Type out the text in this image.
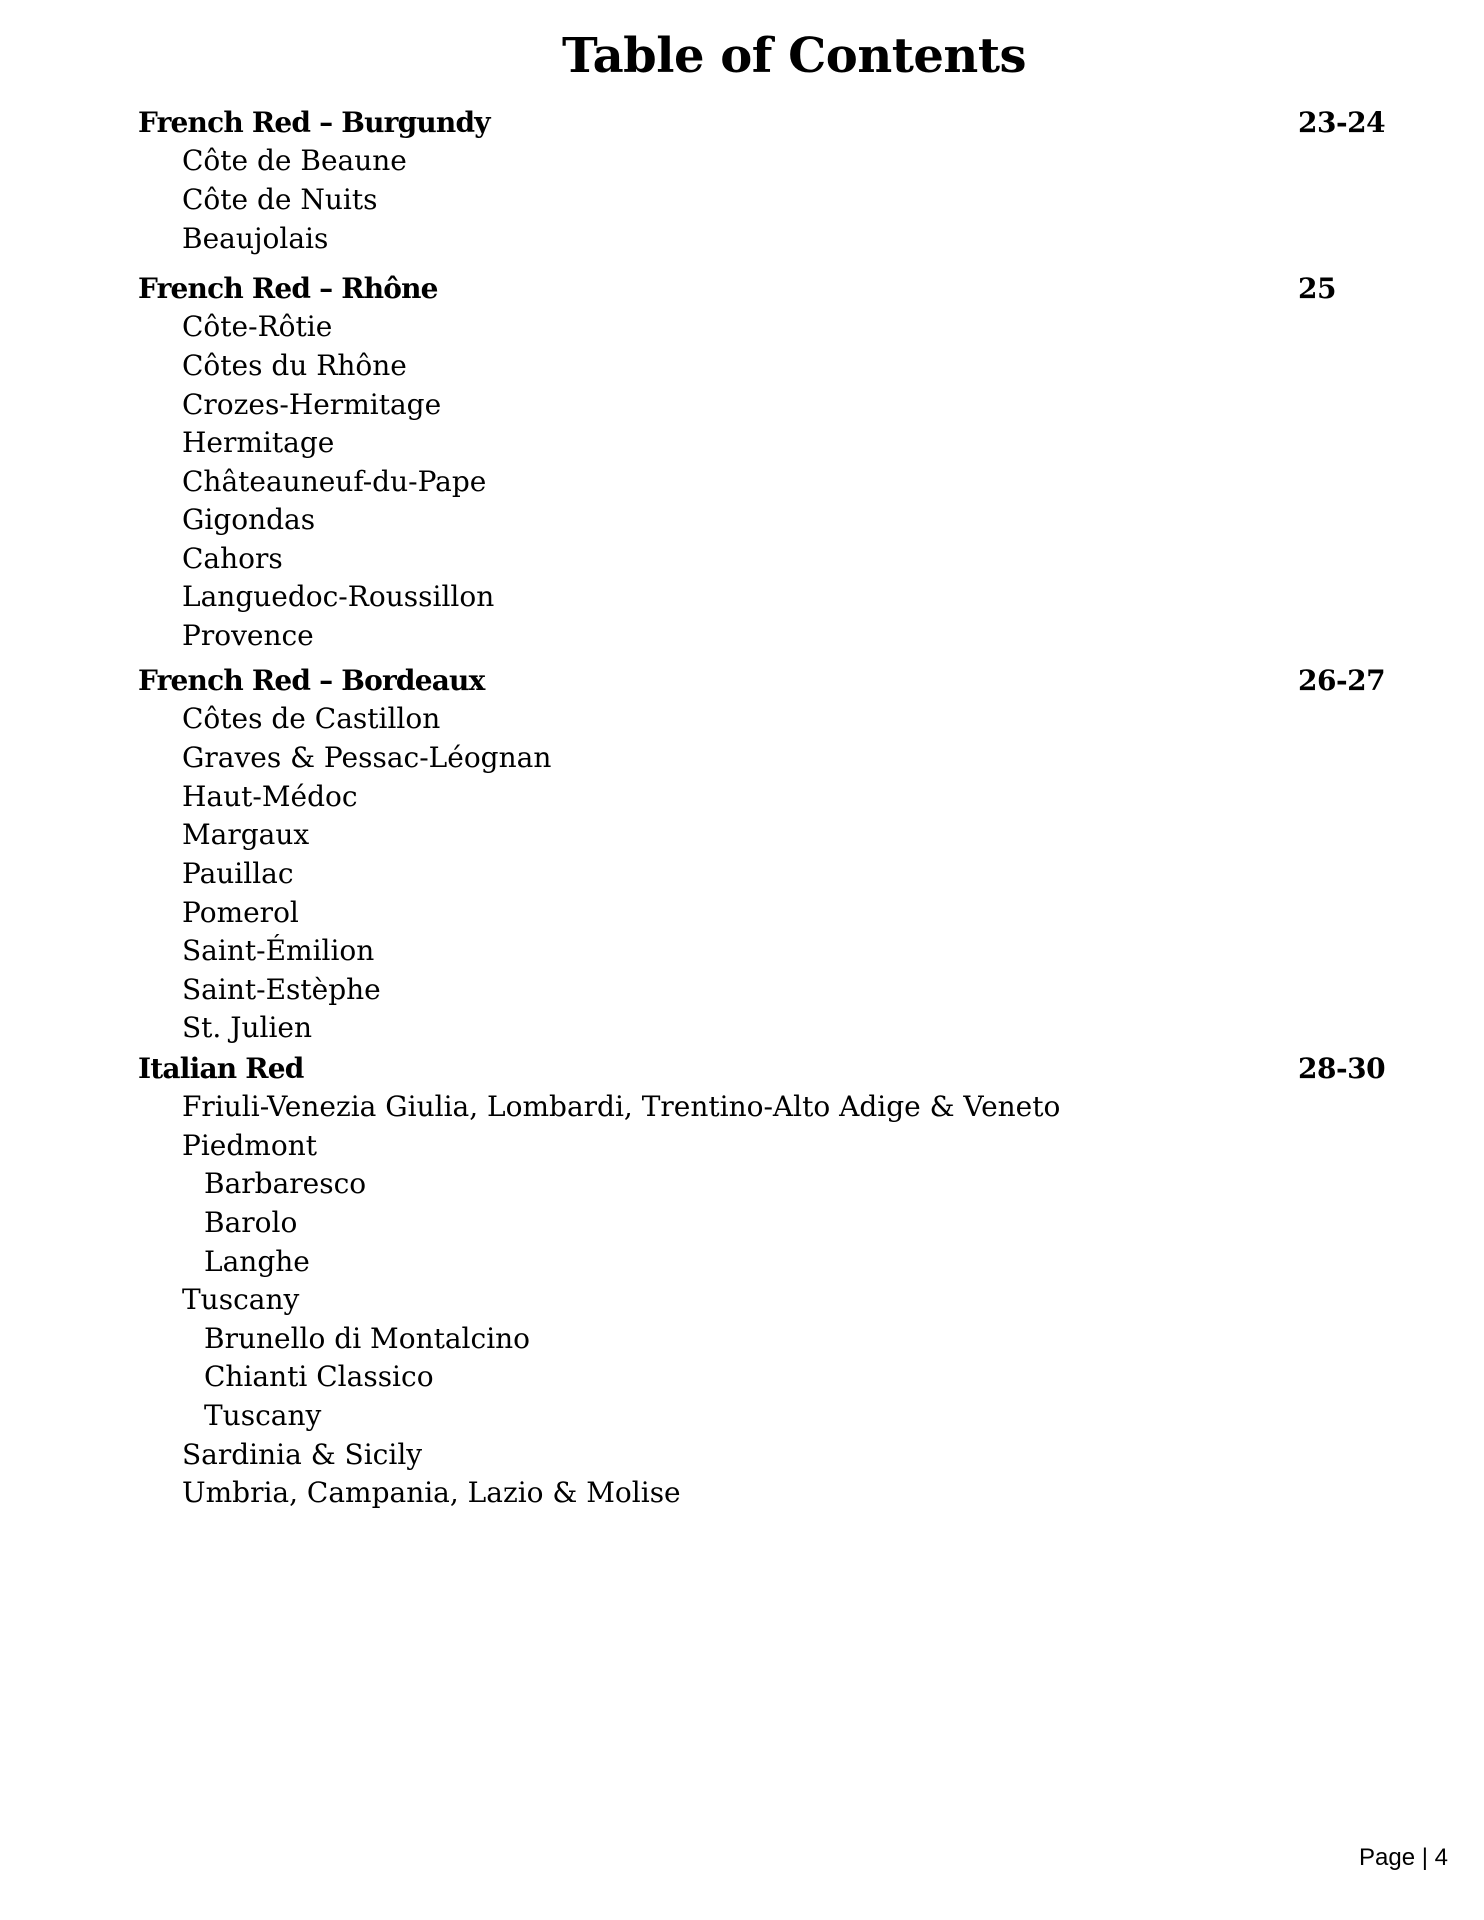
Table of Contents
French Red – Burgundy	23-24
Côte de Beaune
Côte de Nuits
Beaujolais
French Red – Rhône	25
Côte-Rôtie
Côtes du Rhône
Crozes-Hermitage
Hermitage
Châteauneuf-du-Pape
Gigondas
Cahors
Languedoc-Roussillon
Provence
French Red – Bordeaux	26-27
Côtes de Castillon
Graves & Pessac-Léognan
Haut-Médoc
Margaux
Pauillac
Pomerol
Saint-Émilion
Saint-Estèphe
St. Julien
Italian Red	28-30
Friuli-Venezia Giulia, Lombardi, Trentino-Alto Adige & Veneto
Piedmont
Barbaresco
Barolo
Langhe
Tuscany
Brunello di Montalcino
Chianti Classico
Tuscany
Sardinia & Sicily
Umbria, Campania, Lazio & Molise
Page | 4
